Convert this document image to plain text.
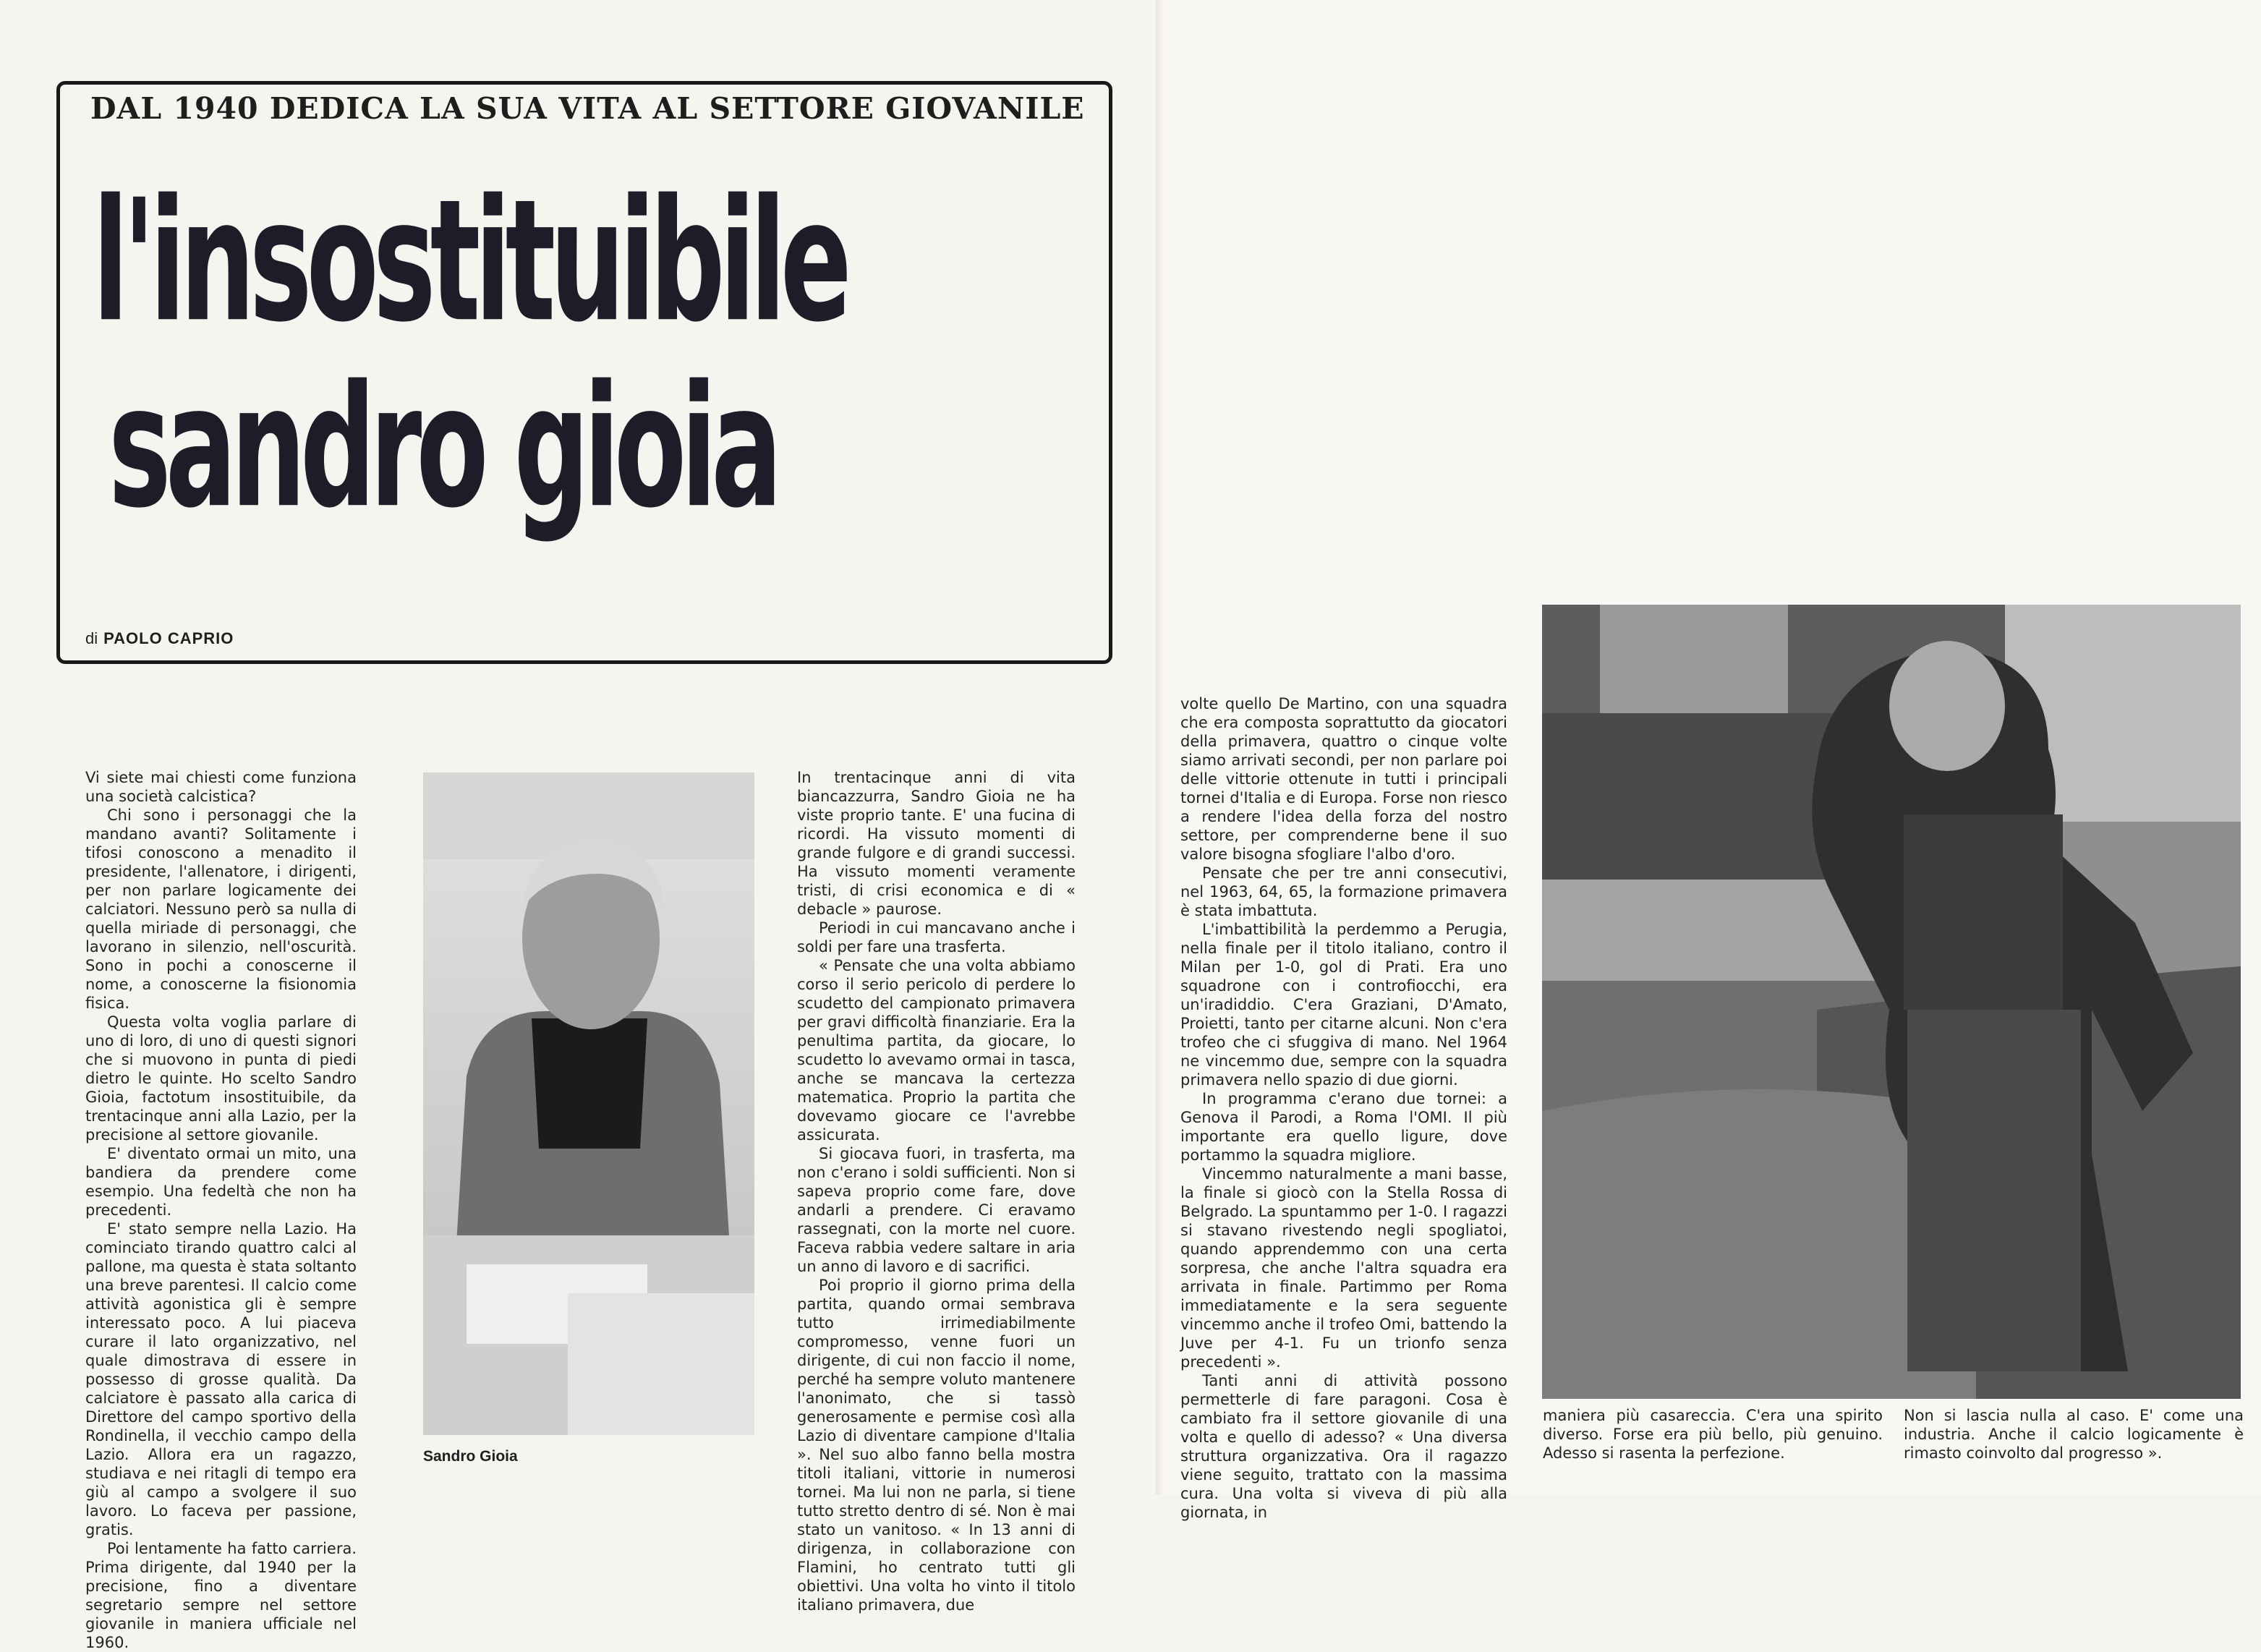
DAL 1940 DEDICA LA SUA VITA AL SETTORE GIOVANILE
l'insostituibile
sandro gioia
di PAOLO CAPRIO

Vi siete mai chiesti come funziona una società calcistica?

Chi sono i personaggi che la mandano avanti? Solitamente i tifosi conoscono a menadito il presidente, l'allenatore, i dirigenti, per non parlare logicamente dei calciatori. Nessuno però sa nulla di quella miriade di personaggi, che lavorano in silenzio, nell'oscurità. Sono in pochi a conoscerne il nome, a conoscerne la fisionomia fisica.

Questa volta voglia parlare di uno di loro, di uno di questi signori che si muovono in punta di piedi dietro le quinte. Ho scelto Sandro Gioia, factotum insostituibile, da trentacinque anni alla Lazio, per la precisione al settore giovanile.

E' diventato ormai un mito, una bandiera da prendere come esempio. Una fedeltà che non ha precedenti.

E' stato sempre nella Lazio. Ha cominciato tirando quattro calci al pallone, ma questa è stata soltanto una breve parentesi. Il calcio come attività agonistica gli è sempre interessato poco. A lui piaceva curare il lato organizzativo, nel quale dimostrava di essere in possesso di grosse qualità. Da calciatore è passato alla carica di Direttore del campo sportivo della Rondinella, il vecchio campo della Lazio. Allora era un ragazzo, studiava e nei ritagli di tempo era giù al campo a svolgere il suo lavoro. Lo faceva per passione, gratis.

Poi lentamente ha fatto carriera. Prima dirigente, dal 1940 per la precisione, fino a diventare segretario sempre nel settore giovanile in maniera ufficiale nel 1960.

Sandro Gioia

In trentacinque anni di vita biancazzurra, Sandro Gioia ne ha viste proprio tante. E' una fucina di ricordi. Ha vissuto momenti di grande fulgore e di grandi successi. Ha vissuto momenti veramente tristi, di crisi economica e di « debacle » paurose.

Periodi in cui mancavano anche i soldi per fare una trasferta.

« Pensate che una volta abbiamo corso il serio pericolo di perdere lo scudetto del campionato primavera per gravi difficoltà finanziarie. Era la penultima partita, da giocare, lo scudetto lo avevamo ormai in tasca, anche se mancava la certezza matematica. Proprio la partita che dovevamo giocare ce l'avrebbe assicurata.

Si giocava fuori, in trasferta, ma non c'erano i soldi sufficienti. Non si sapeva proprio come fare, dove andarli a prendere. Ci eravamo rassegnati, con la morte nel cuore. Faceva rabbia vedere saltare in aria un anno di lavoro e di sacrifici.

Poi proprio il giorno prima della partita, quando ormai sembrava tutto irrimediabilmente compromesso, venne fuori un dirigente, di cui non faccio il nome, perché ha sempre voluto mantenere l'anonimato, che si tassò generosamente e permise così alla Lazio di diventare campione d'Italia ». Nel suo albo fanno bella mostra titoli italiani, vittorie in numerosi tornei. Ma lui non ne parla, si tiene tutto stretto dentro di sé. Non è mai stato un vanitoso. « In 13 anni di dirigenza, in collaborazione con Flamini, ho centrato tutti gli obiettivi. Una volta ho vinto il titolo italiano primavera, due

volte quello De Martino, con una squadra che era composta soprattutto da giocatori della primavera, quattro o cinque volte siamo arrivati secondi, per non parlare poi delle vittorie ottenute in tutti i principali tornei d'Italia e di Europa. Forse non riesco a rendere l'idea della forza del nostro settore, per comprenderne bene il suo valore bisogna sfogliare l'albo d'oro.

Pensate che per tre anni consecutivi, nel 1963, 64, 65, la formazione primavera è stata imbattuta.

L'imbattibilità la perdemmo a Perugia, nella finale per il titolo italiano, contro il Milan per 1-0, gol di Prati. Era uno squadrone con i controfiocchi, era un'iradiddio. C'era Graziani, D'Amato, Proietti, tanto per citarne alcuni. Non c'era trofeo che ci sfuggiva di mano. Nel 1964 ne vincemmo due, sempre con la squadra primavera nello spazio di due giorni.

In programma c'erano due tornei: a Genova il Parodi, a Roma l'OMI. Il più importante era quello ligure, dove portammo la squadra migliore.

Vincemmo naturalmente a mani basse, la finale si giocò con la Stella Rossa di Belgrado. La spuntammo per 1-0. I ragazzi si stavano rivestendo negli spogliatoi, quando apprendemmo con una certa sorpresa, che anche l'altra squadra era arrivata in finale. Partimmo per Roma immediatamente e la sera seguente vincemmo anche il trofeo Omi, battendo la Juve per 4-1. Fu un trionfo senza precedenti ».

Tanti anni di attività possono permetterle di fare paragoni. Cosa è cambiato fra il settore giovanile di una volta e quello di adesso? « Una diversa struttura organizzativa. Ora il ragazzo viene seguito, trattato con la massima cura. Una volta si viveva di più alla giornata, in

maniera più casareccia. C'era una spirito diverso. Forse era più bello, più genuino. Adesso si rasenta la perfezione.

Non si lascia nulla al caso. E' come una industria. Anche il calcio logicamente è rimasto coinvolto dal progresso ».
